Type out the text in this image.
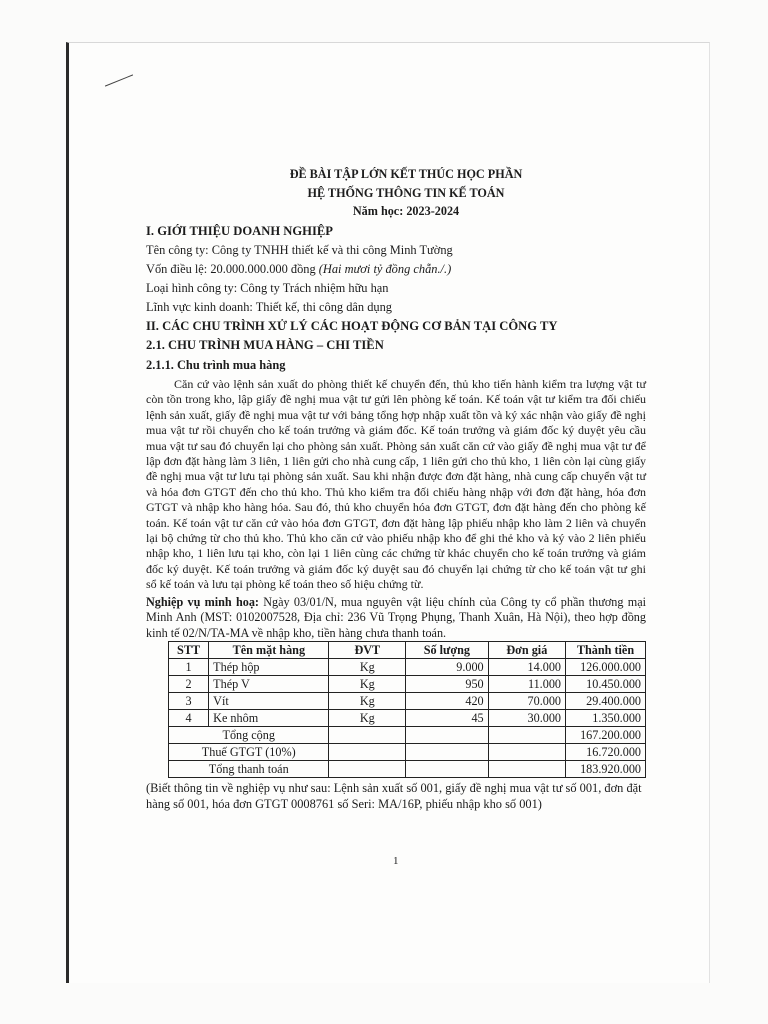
ĐỀ BÀI TẬP LỚN KẾT THÚC HỌC PHẦN

HỆ THỐNG THÔNG TIN KẾ TOÁN

Năm học: 2023-2024

I. GIỚI THIỆU DOANH NGHIỆP

Tên công ty: Công ty TNHH thiết kế và thi công Minh Tường

Vốn điều lệ: 20.000.000.000 đồng (Hai mươi tỷ đồng chẵn./.)

Loại hình công ty: Công ty Trách nhiệm hữu hạn

Lĩnh vực kinh doanh: Thiết kế, thi công dân dụng

II. CÁC CHU TRÌNH XỬ LÝ CÁC HOẠT ĐỘNG CƠ BẢN TẠI CÔNG TY

2.1. CHU TRÌNH MUA HÀNG – CHI TIỀN

2.1.1. Chu trình mua hàng

Căn cứ vào lệnh sản xuất do phòng thiết kế chuyển đến, thủ kho tiến hành kiểm tra lượng vật tư còn tồn trong kho, lập giấy đề nghị mua vật tư gửi lên phòng kế toán. Kế toán vật tư kiểm tra đối chiếu lệnh sản xuất, giấy đề nghị mua vật tư với bảng tổng hợp nhập xuất tồn và ký xác nhận vào giấy đề nghị mua vật tư rồi chuyển cho kế toán trưởng và giám đốc. Kế toán trưởng và giám đốc ký duyệt yêu cầu mua vật tư sau đó chuyển lại cho phòng sản xuất. Phòng sản xuất căn cứ vào giấy đề nghị mua vật tư để lập đơn đặt hàng làm 3 liên, 1 liên gửi cho nhà cung cấp, 1 liên gửi cho thủ kho, 1 liên còn lại cùng giấy đề nghị mua vật tư lưu tại phòng sản xuất. Sau khi nhận được đơn đặt hàng, nhà cung cấp chuyển vật tư và hóa đơn GTGT đến cho thủ kho. Thủ kho kiểm tra đối chiếu hàng nhập với đơn đặt hàng, hóa đơn GTGT và nhập kho hàng hóa. Sau đó, thủ kho chuyển hóa đơn GTGT, đơn đặt hàng đến cho phòng kế toán. Kế toán vật tư căn cứ vào hóa đơn GTGT, đơn đặt hàng lập phiếu nhập kho làm 2 liên và chuyển lại bộ chứng từ cho thủ kho. Thủ kho căn cứ vào phiếu nhập kho để ghi thẻ kho và ký vào 2 liên phiếu nhập kho, 1 liên lưu tại kho, còn lại 1 liên cùng các chứng từ khác chuyển cho kế toán trưởng và giám đốc ký duyệt. Kế toán trưởng và giám đốc ký duyệt sau đó chuyển lại chứng từ cho kế toán vật tư ghi sổ kế toán và lưu tại phòng kế toán theo số hiệu chứng từ.

Nghiệp vụ minh hoạ: Ngày 03/01/N, mua nguyên vật liệu chính của Công ty cổ phần thương mại Minh Anh (MST: 0102007528, Địa chỉ: 236 Vũ Trọng Phụng, Thanh Xuân, Hà Nội), theo hợp đồng kinh tế 02/N/TA-MA về nhập kho, tiền hàng chưa thanh toán.

STT	Tên mặt hàng	ĐVT	Số lượng	Đơn giá	Thành tiền
1	Thép hộp	Kg	9.000	14.000	126.000.000
2	Thép V	Kg	950	11.000	10.450.000
3	Vít	Kg	420	70.000	29.400.000
4	Ke nhôm	Kg	45	30.000	1.350.000
Tổng cộng					167.200.000
Thuế GTGT (10%)					16.720.000
Tổng thanh toán					183.920.000

(Biết thông tin về nghiệp vụ như sau: Lệnh sản xuất số 001, giấy đề nghị mua vật tư số 001, đơn đặt hàng số 001, hóa đơn GTGT 0008761 số Seri: MA/16P, phiếu nhập kho số 001)

1
